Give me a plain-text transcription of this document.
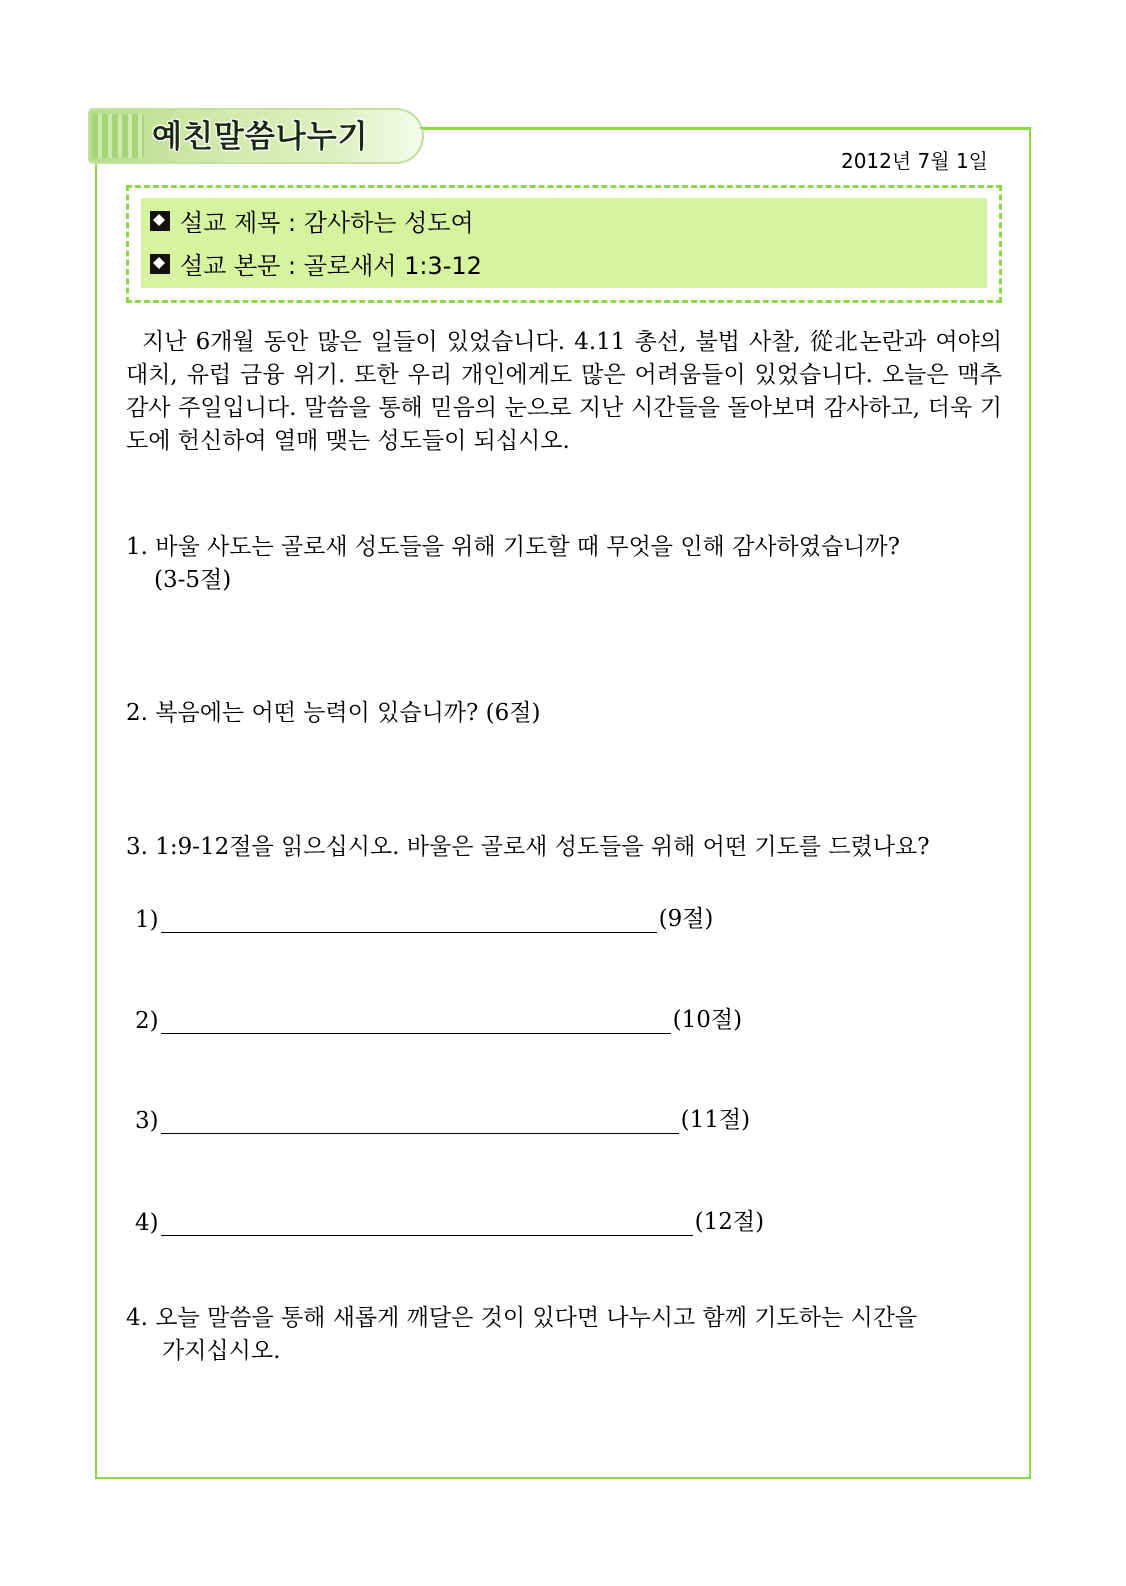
예친말씀나누기
2012년 7월 1일
설교 제목 : 감사하는 성도여
설교 본문 : 골로새서 1:3-12
지난 6개월 동안 많은 일들이 있었습니다. 4.11 총선, 불법 사찰, 從北논란과 여야의 대치, 유럽 금융 위기. 또한 우리 개인에게도 많은 어려움들이 있었습니다. 오늘은 맥추 감사 주일입니다. 말씀을 통해 믿음의 눈으로 지난 시간들을 돌아보며 감사하고, 더욱 기도에 헌신하여 열매 맺는 성도들이 되십시오.
1. 바울 사도는 골로새 성도들을 위해 기도할 때 무엇을 인해 감사하였습니까?
(3-5절)
2. 복음에는 어떤 능력이 있습니까? (6절)
3. 1:9-12절을 읽으십시오. 바울은 골로새 성도들을 위해 어떤 기도를 드렸나요?
1)	(9절)
2)	(10절)
3)	(11절)
4)	(12절)
4. 오늘 말씀을 통해 새롭게 깨달은 것이 있다면 나누시고 함께 기도하는 시간을
가지십시오.
